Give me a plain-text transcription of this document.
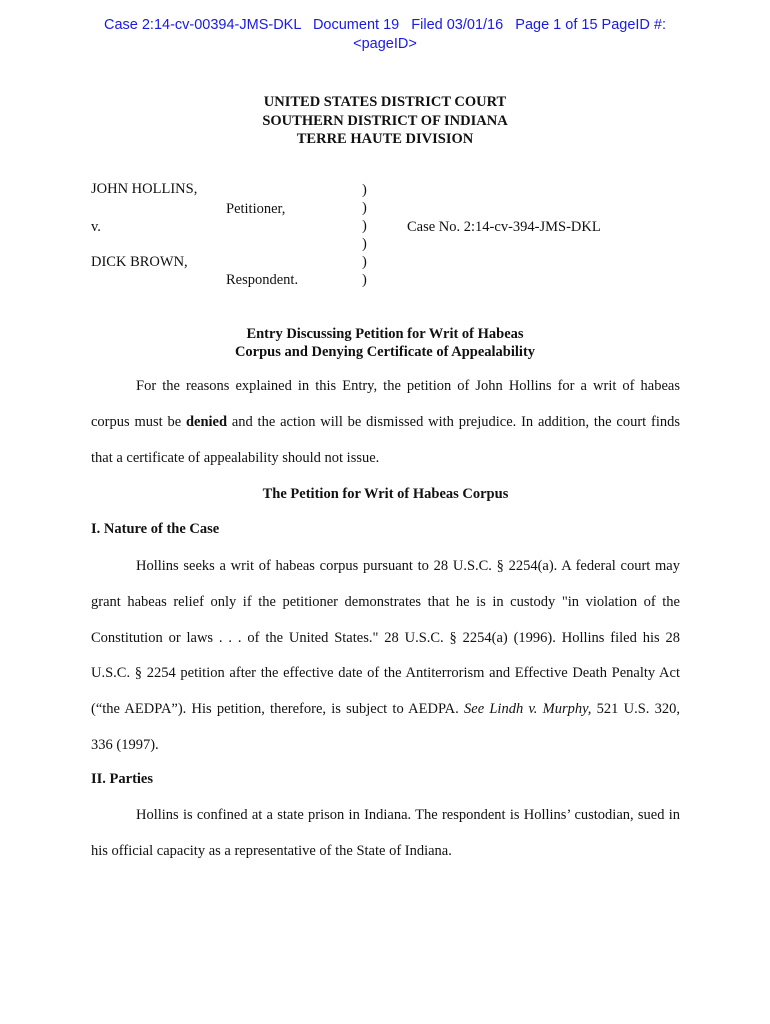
Case 2:14-cv-00394-JMS-DKL   Document 19   Filed 03/01/16   Page 1 of 15 PageID #:
<pageID>
UNITED STATES DISTRICT COURT
SOUTHERN DISTRICT OF INDIANA
TERRE HAUTE DIVISION
JOHN HOLLINS,
Petitioner,
v.	Case No. 2:14-cv-394-JMS-DKL
DICK BROWN,
Respondent.
)
)
)
)
)
)
Entry Discussing Petition for Writ of Habeas
Corpus and Denying Certificate of Appealability

For the reasons explained in this Entry, the petition of John Hollins for a writ of habeas corpus must be denied and the action will be dismissed with prejudice. In addition, the court finds that a certificate of appealability should not issue.

The Petition for Writ of Habeas Corpus
I. Nature of the Case

Hollins seeks a writ of habeas corpus pursuant to 28 U.S.C. § 2254(a). A federal court may grant habeas relief only if the petitioner demonstrates that he is in custody "in violation of the Constitution or laws . . . of the United States." 28 U.S.C. § 2254(a) (1996). Hollins filed his 28 U.S.C. § 2254 petition after the effective date of the Antiterrorism and Effective Death Penalty Act (“the AEDPA”). His petition, therefore, is subject to AEDPA. See Lindh v. Murphy, 521 U.S. 320, 336 (1997).

II. Parties

Hollins is confined at a state prison in Indiana. The respondent is Hollins’ custodian, sued in his official capacity as a representative of the State of Indiana.
